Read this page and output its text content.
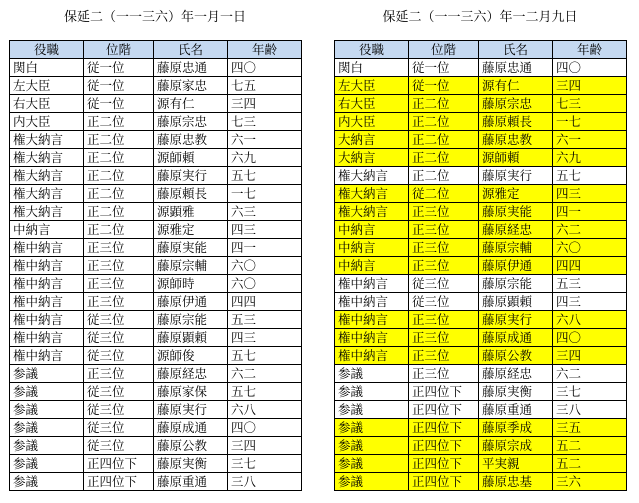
保延二（一一三六）年一月一日
役職	位階	氏名	年齢
関白	従一位	藤原忠通	四〇
左大臣	従一位	藤原家忠	七五
右大臣	従一位	源有仁	三四
内大臣	正二位	藤原宗忠	七三
権大納言	正二位	藤原忠教	六一
権大納言	正二位	源師頼	六九
権大納言	正二位	藤原実行	五七
権大納言	正二位	藤原頼長	一七
権大納言	正二位	源顕雅	六三
中納言	正二位	源雅定	四三
権中納言	正三位	藤原実能	四一
権中納言	正三位	藤原宗輔	六〇
権中納言	正三位	源師時	六〇
権中納言	正三位	藤原伊通	四四
権中納言	従三位	藤原宗能	五三
権中納言	従三位	藤原顕頼	四三
権中納言	従三位	源師俊	五七
参議	正三位	藤原経忠	六二
参議	従三位	藤原家保	五七
参議	従三位	藤原実行	六八
参議	従三位	藤原成通	四〇
参議	従三位	藤原公教	三四
参議	正四位下	藤原実衡	三七
参議	正四位下	藤原重通	三八
保延二（一一三六）年一二月九日
役職	位階	氏名	年齢
関白	従一位	藤原忠通	四〇
左大臣	従一位	源有仁	三四
右大臣	正二位	藤原宗忠	七三
内大臣	正二位	藤原頼長	一七
大納言	正二位	藤原忠教	六一
大納言	正二位	源師頼	六九
権大納言	正二位	藤原実行	五七
権大納言	従二位	源雅定	四三
権大納言	正三位	藤原実能	四一
中納言	正三位	藤原経忠	六二
中納言	正三位	藤原宗輔	六〇
中納言	正三位	藤原伊通	四四
権中納言	従三位	藤原宗能	五三
権中納言	従三位	藤原顕頼	四三
権中納言	正三位	藤原実行	六八
権中納言	正三位	藤原成通	四〇
権中納言	正三位	藤原公教	三四
参議	正三位	藤原経忠	六二
参議	正四位下	藤原実衡	三七
参議	正四位下	藤原重通	三八
参議	正四位下	藤原季成	三五
参議	正四位下	藤原宗成	五二
参議	正四位下	平実親	五二
参議	正四位下	藤原忠基	三六
